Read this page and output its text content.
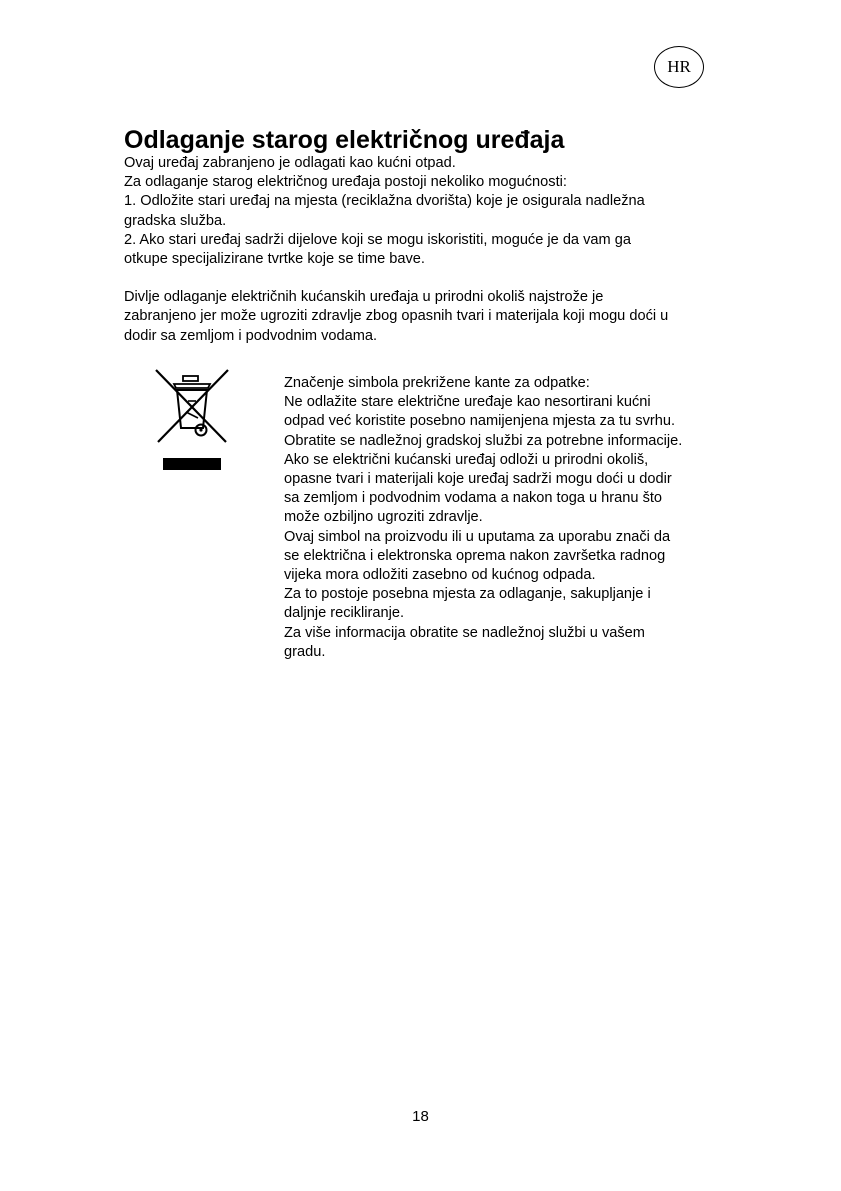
HR
Odlaganje starog električnog uređaja
Ovaj uređaj zabranjeno je odlagati kao kućni otpad.
Za odlaganje starog električnog uređaja postoji nekoliko mogućnosti:
1. Odložite stari uređaj na mjesta (reciklažna dvorišta) koje je osigurala nadležna
gradska služba.
2. Ako stari uređaj sadrži dijelove koji se mogu iskoristiti, moguće je da vam ga
otkupe specijalizirane tvrtke koje se time bave.
Divlje odlaganje električnih kućanskih uređaja u prirodni okoliš najstrože je
zabranjeno jer može ugroziti zdravlje zbog opasnih tvari i materijala koji mogu doći u
dodir sa zemljom i podvodnim vodama.
Značenje simbola prekrižene kante za odpatke:
Ne odlažite stare električne uređaje kao nesortirani kućni
odpad već koristite posebno namijenjena mjesta za tu svrhu.
Obratite se nadležnoj gradskoj službi za potrebne informacije.
Ako se električni kućanski uređaj odloži u prirodni okoliš,
opasne tvari i materijali koje uređaj sadrži mogu doći u dodir
sa zemljom i podvodnim vodama a nakon toga u hranu što
može ozbiljno ugroziti zdravlje.
Ovaj simbol na proizvodu ili u uputama za uporabu znači da
se električna i elektronska oprema nakon završetka radnog
vijeka mora odložiti zasebno od kućnog odpada.
Za to postoje posebna mjesta za odlaganje, sakupljanje i
daljnje recikliranje.
Za više informacija obratite se nadležnoj službi u vašem
gradu.
18
